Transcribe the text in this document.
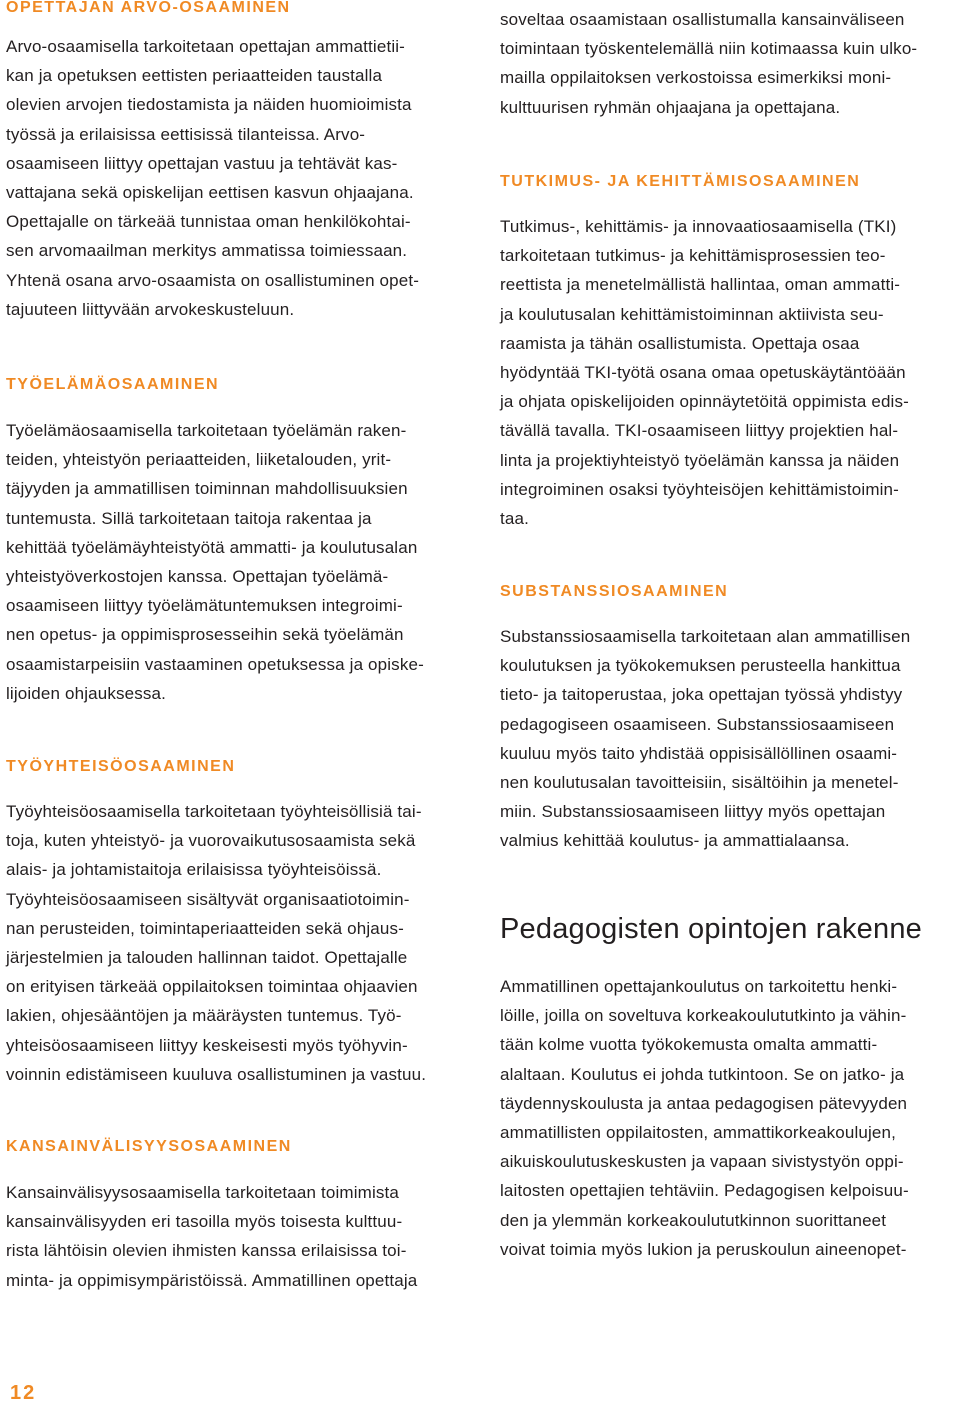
OPETTAJAN ARVO-OSAAMINEN
Arvo-osaamisella tarkoitetaan opettajan ammattietii-
kan ja opetuksen eettisten periaatteiden taustalla
olevien arvojen tiedostamista ja näiden huomioimista
työssä ja erilaisissa eettisissä tilanteissa. Arvo-
osaamiseen liittyy opettajan vastuu ja tehtävät kas-
vattajana sekä opiskelijan eettisen kasvun ohjaajana.
Opettajalle on tärkeää tunnistaa oman henkilökohtai-
sen arvomaailman merkitys ammatissa toimiessaan.
Yhtenä osana arvo-osaamista on osallistuminen opet-
tajuuteen liittyvään arvokeskusteluun.
TYÖELÄMÄOSAAMINEN
Työelämäosaamisella tarkoitetaan työelämän raken-
teiden, yhteistyön periaatteiden, liiketalouden, yrit-
täjyyden ja ammatillisen toiminnan mahdollisuuksien
tuntemusta. Sillä tarkoitetaan taitoja rakentaa ja
kehittää työelämäyhteistyötä ammatti- ja koulutusalan
yhteistyöverkostojen kanssa. Opettajan työelämä-
osaamiseen liittyy työelämätuntemuksen integroimi-
nen opetus- ja oppimisprosesseihin sekä työelämän
osaamistarpeisiin vastaaminen opetuksessa ja opiske-
lijoiden ohjauksessa.
TYÖYHTEISÖOSAAMINEN
Työyhteisöosaamisella tarkoitetaan työyhteisöllisiä tai-
toja, kuten yhteistyö- ja vuorovaikutusosaamista sekä
alais- ja johtamistaitoja erilaisissa työyhteisöissä.
Työyhteisöosaamiseen sisältyvät organisaatiotoimin-
nan perusteiden, toimintaperiaatteiden sekä ohjaus-
järjestelmien ja talouden hallinnan taidot. Opettajalle
on erityisen tärkeää oppilaitoksen toimintaa ohjaavien
lakien, ohjesääntöjen ja määräysten tuntemus. Työ-
yhteisöosaamiseen liittyy keskeisesti myös työhyvin-
voinnin edistämiseen kuuluva osallistuminen ja vastuu.
KANSAINVÄLISYYSOSAAMINEN
Kansainvälisyysosaamisella tarkoitetaan toimimista
kansainvälisyyden eri tasoilla myös toisesta kulttuu-
rista lähtöisin olevien ihmisten kanssa erilaisissa toi-
minta- ja oppimisympäristöissä. Ammatillinen opettaja
soveltaa osaamistaan osallistumalla kansainväliseen
toimintaan työskentelemällä niin kotimaassa kuin ulko-
mailla oppilaitoksen verkostoissa esimerkiksi moni-
kulttuurisen ryhmän ohjaajana ja opettajana.
TUTKIMUS- JA KEHITTÄMISOSAAMINEN
Tutkimus-, kehittämis- ja innovaatiosaamisella (TKI)
tarkoitetaan tutkimus- ja kehittämisprosessien teo-
reettista ja menetelmällistä hallintaa, oman ammatti-
ja koulutusalan kehittämistoiminnan aktiivista seu-
raamista ja tähän osallistumista. Opettaja osaa
hyödyntää TKI-työtä osana omaa opetuskäytäntöään
ja ohjata opiskelijoiden opinnäytetöitä oppimista edis-
tävällä tavalla. TKI-osaamiseen liittyy projektien hal-
linta ja projektiyhteistyö työelämän kanssa ja näiden
integroiminen osaksi työyhteisöjen kehittämistoimin-
taa.
SUBSTANSSIOSAAMINEN
Substanssiosaamisella tarkoitetaan alan ammatillisen
koulutuksen ja työkokemuksen perusteella hankittua
tieto- ja taitoperustaa, joka opettajan työssä yhdistyy
pedagogiseen osaamiseen. Substanssiosaamiseen
kuuluu myös taito yhdistää oppisisällöllinen osaami-
nen koulutusalan tavoitteisiin, sisältöihin ja menetel-
miin. Substanssiosaamiseen liittyy myös opettajan
valmius kehittää koulutus- ja ammattialaansa.
Pedagogisten opintojen rakenne
Ammatillinen opettajankoulutus on tarkoitettu henki-
löille, joilla on soveltuva korkeakoulututkinto ja vähin-
tään kolme vuotta työkokemusta omalta ammatti-
alaltaan. Koulutus ei johda tutkintoon. Se on jatko- ja
täydennyskoulusta ja antaa pedagogisen pätevyyden
ammatillisten oppilaitosten, ammattikorkeakoulujen,
aikuiskoulutuskeskusten ja vapaan sivistystyön oppi-
laitosten opettajien tehtäviin. Pedagogisen kelpoisuu-
den ja ylemmän korkeakoulututkinnon suorittaneet
voivat toimia myös lukion ja peruskoulun aineenopet-
12
